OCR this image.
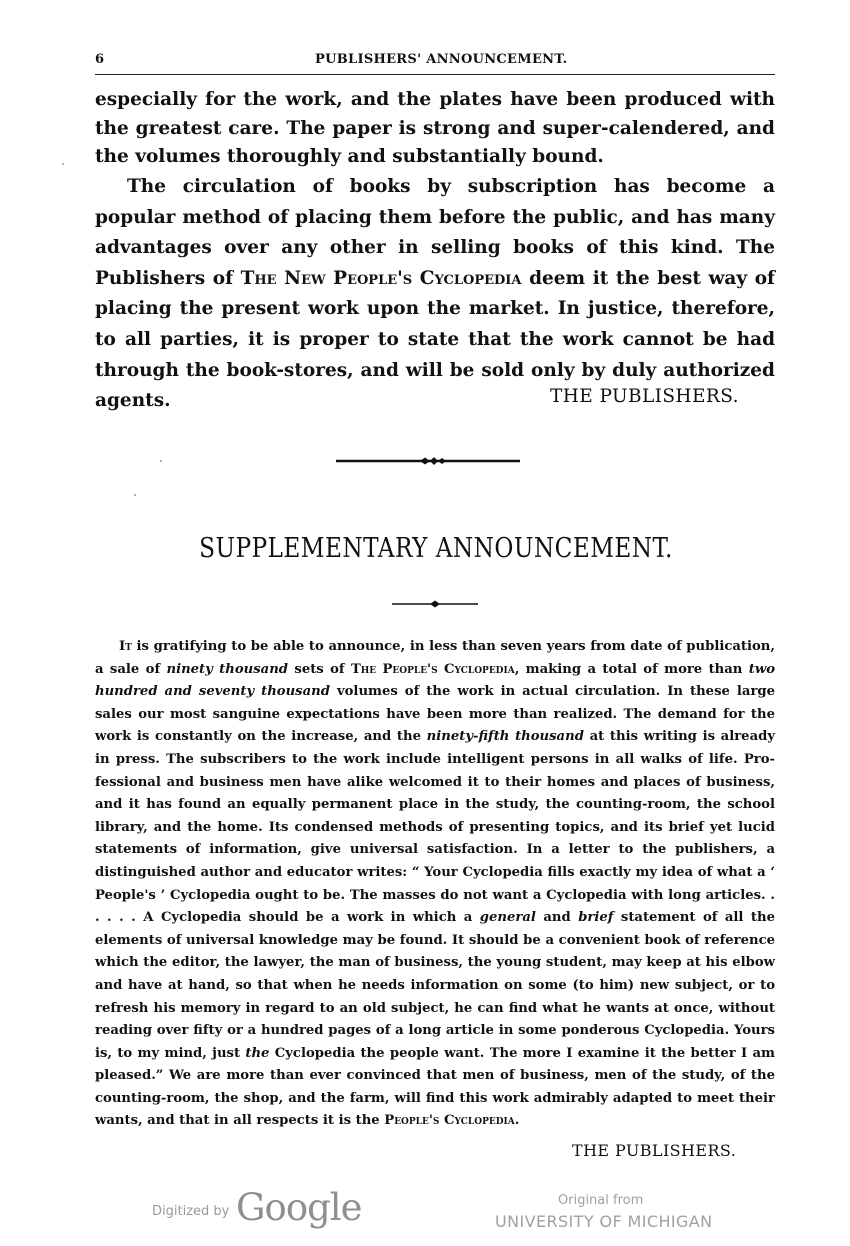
6	PUBLISHERS' ANNOUNCEMENT.
especially for the work, and the plates have been produced with the greatest care. The paper is strong and super-calendered, and the volumes thoroughly and substantially bound.
The circulation of books by subscription has become a popular method of placing them before the public, and has many advantages over any other in selling books of this kind. The Publishers of The New People's Cyclopedia deem it the best way of placing the present work upon the market. In justice, therefore, to all parties, it is proper to state that the work cannot be had through the book-stores, and will be sold only by duly authorized agents.	THE PUBLISHERS.
SUPPLEMENTARY ANNOUNCEMENT.
It is gratifying to be able to announce, in less than seven years from date of publication, a sale of ninety thousand sets of The People's Cyclopedia, making a total of more than two hundred and seventy thousand volumes of the work in actual circulation. In these large sales our most sanguine expectations have been more than realized. The demand for the work is constantly on the increase, and the ninety-fifth thousand at this writing is already in press. The subscribers to the work include intelligent persons in all walks of life. Professional and business men have alike welcomed it to their homes and places of business, and it has found an equally permanent place in the study, the counting-room, the school library, and the home. Its condensed methods of presenting topics, and its brief yet lucid statements of information, give universal satisfaction. In a letter to the publishers, a distinguished author and educator writes: “ Your Cyclopedia fills exactly my idea of what a ‘ People's ’ Cyclopedia ought to be. The masses do not want a Cyclopedia with long articles. . . . . . A Cyclopedia should be a work in which a general and brief statement of all the elements of universal knowledge may be found. It should be a convenient book of reference which the editor, the lawyer, the man of business, the young student, may keep at his elbow and have at hand, so that when he needs information on some (to him) new subject, or to refresh his memory in regard to an old subject, he can find what he wants at once, without reading over fifty or a hundred pages of a long article in some ponderous Cyclopedia. Yours is, to my mind, just the Cyclopedia the people want. The more I examine it the better I am pleased.” We are more than ever convinced that men of business, men of the study, of the counting-room, the shop, and the farm, will find this work admirably adapted to meet their wants, and that in all respects it is the People's Cyclopedia.
THE PUBLISHERS.
Digitized by Google	Original from
UNIVERSITY OF MICHIGAN
